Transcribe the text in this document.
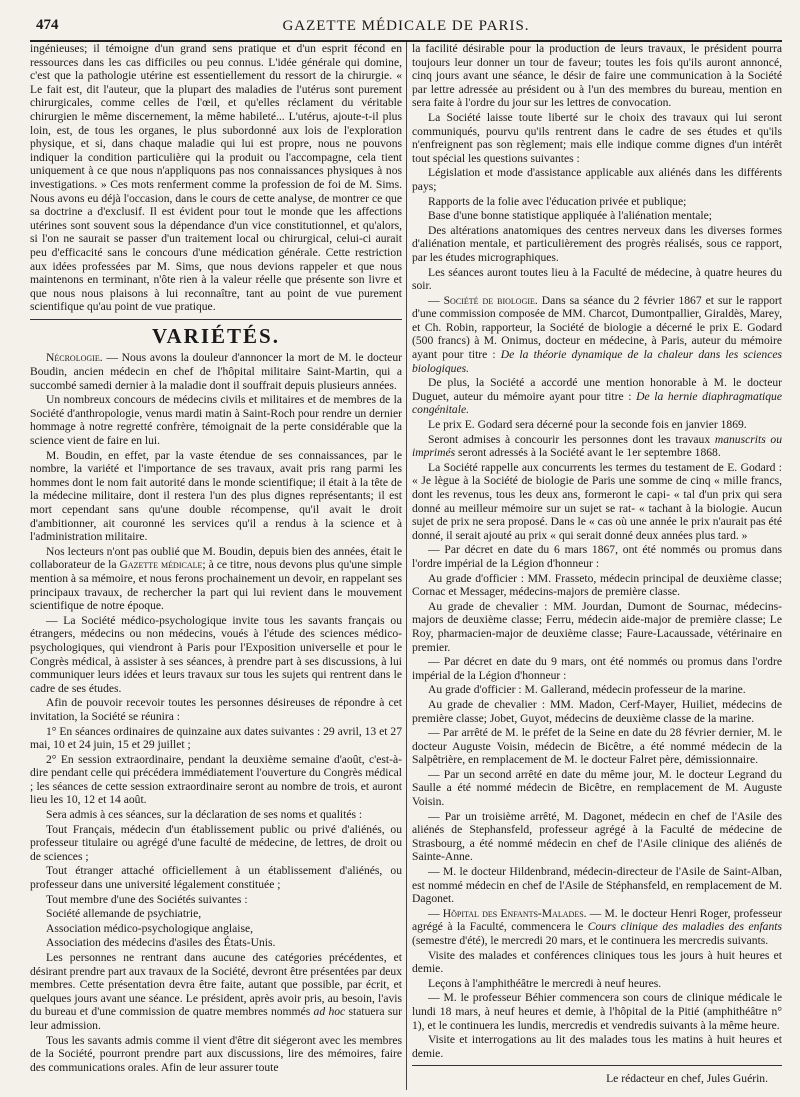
474	GAZETTE MÉDICALE DE PARIS.

ingénieuses; il témoigne d'un grand sens pratique et d'un esprit fécond en ressources dans les cas difficiles ou peu connus. L'idée générale qui domine, c'est que la pathologie utérine est essentiellement du ressort de la chirurgie. « Le fait est, dit l'auteur, que la plupart des maladies de l'utérus sont purement chirurgicales, comme celles de l'œil, et qu'elles réclament du véritable chirurgien le même discernement, la même habileté... L'utérus, ajoute-t-il plus loin, est, de tous les organes, le plus subordonné aux lois de l'exploration physique, et si, dans chaque maladie qui lui est propre, nous ne pouvons indiquer la condition particulière qui la produit ou l'accompagne, cela tient uniquement à ce que nous n'appliquons pas nos connaissances physiques à nos investigations. » Ces mots renferment comme la profession de foi de M. Sims. Nous avons eu déjà l'occasion, dans le cours de cette analyse, de montrer ce que sa doctrine a d'exclusif. Il est évident pour tout le monde que les affections utérines sont souvent sous la dépendance d'un vice constitutionnel, et qu'alors, si l'on ne saurait se passer d'un traitement local ou chirurgical, celui-ci aurait peu d'efficacité sans le concours d'une médication générale. Cette restriction aux idées professées par M. Sims, que nous devions rappeler et que nous maintenons en terminant, n'ôte rien à la valeur réelle que présente son livre et que nous nous plaisons à lui reconnaître, tant au point de vue purement scientifique qu'au point de vue pratique.

VARIÉTÉS.

Nécrologie. — Nous avons la douleur d'annoncer la mort de M. le docteur Boudin, ancien médecin en chef de l'hôpital militaire Saint-Martin, qui a succombé samedi dernier à la maladie dont il souffrait depuis plusieurs années.

Un nombreux concours de médecins civils et militaires et de membres de la Société d'anthropologie, venus mardi matin à Saint-Roch pour rendre un dernier hommage à notre regretté confrère, témoignait de la perte considérable que la science vient de faire en lui.

M. Boudin, en effet, par la vaste étendue de ses connaissances, par le nombre, la variété et l'importance de ses travaux, avait pris rang parmi les hommes dont le nom fait autorité dans le monde scientifique; il était à la tête de la médecine militaire, dont il restera l'un des plus dignes représentants; il est mort cependant sans qu'une double récompense, qu'il avait le droit d'ambitionner, ait couronné les services qu'il a rendus à la science et à l'administration militaire.

Nos lecteurs n'ont pas oublié que M. Boudin, depuis bien des années, était le collaborateur de la Gazette médicale; à ce titre, nous devons plus qu'une simple mention à sa mémoire, et nous ferons prochainement un devoir, en rappelant ses principaux travaux, de rechercher la part qui lui revient dans le mouvement scientifique de notre époque.

— La Société médico-psychologique invite tous les savants français ou étrangers, médecins ou non médecins, voués à l'étude des sciences médico-psychologiques, qui viendront à Paris pour l'Exposition universelle et pour le Congrès médical, à assister à ses séances, à prendre part à ses discussions, à lui communiquer leurs idées et leurs travaux sur tous les sujets qui rentrent dans le cadre de ses études.

Afin de pouvoir recevoir toutes les personnes désireuses de répondre à cet invitation, la Société se réunira :

1° En séances ordinaires de quinzaine aux dates suivantes : 29 avril, 13 et 27 mai, 10 et 24 juin, 15 et 29 juillet ;

2° En session extraordinaire, pendant la deuxième semaine d'août, c'est-à-dire pendant celle qui précédera immédiatement l'ouverture du Congrès médical ; les séances de cette session extraordinaire seront au nombre de trois, et auront lieu les 10, 12 et 14 août.

Sera admis à ces séances, sur la déclaration de ses noms et qualités :

Tout Français, médecin d'un établissement public ou privé d'aliénés, ou professeur titulaire ou agrégé d'une faculté de médecine, de lettres, de droit ou de sciences ;

Tout étranger attaché officiellement à un établissement d'aliénés, ou professeur dans une université légalement constituée ;

Tout membre d'une des Sociétés suivantes :

Société allemande de psychiatrie,

Association médico-psychologique anglaise,

Association des médecins d'asiles des États-Unis.

Les personnes ne rentrant dans aucune des catégories précédentes, et désirant prendre part aux travaux de la Société, devront être présentées par deux membres. Cette présentation devra être faite, autant que possible, par écrit, et quelques jours avant une séance. Le président, après avoir pris, au besoin, l'avis du bureau et d'une commission de quatre membres nommés ad hoc statuera sur leur admission.

Tous les savants admis comme il vient d'être dit siégeront avec les membres de la Société, pourront prendre part aux discussions, lire des mémoires, faire des communications orales. Afin de leur assurer toute

la facilité désirable pour la production de leurs travaux, le président pourra toujours leur donner un tour de faveur; toutes les fois qu'ils auront annoncé, cinq jours avant une séance, le désir de faire une communication à la Société par lettre adressée au président ou à l'un des membres du bureau, mention en sera faite à l'ordre du jour sur les lettres de convocation.

La Société laisse toute liberté sur le choix des travaux qui lui seront communiqués, pourvu qu'ils rentrent dans le cadre de ses études et qu'ils n'enfreignent pas son règlement; mais elle indique comme dignes d'un intérêt tout spécial les questions suivantes :

Législation et mode d'assistance applicable aux aliénés dans les différents pays;

Rapports de la folie avec l'éducation privée et publique;

Base d'une bonne statistique appliquée à l'aliénation mentale;

Des altérations anatomiques des centres nerveux dans les diverses formes d'aliénation mentale, et particulièrement des progrès réalisés, sous ce rapport, par les études micrographiques.

Les séances auront toutes lieu à la Faculté de médecine, à quatre heures du soir.

— Société de biologie. Dans sa séance du 2 février 1867 et sur le rapport d'une commission composée de MM. Charcot, Dumontpallier, Giraldès, Marey, et Ch. Robin, rapporteur, la Société de biologie a décerné le prix E. Godard (500 francs) à M. Onimus, docteur en médecine, à Paris, auteur du mémoire ayant pour titre : De la théorie dynamique de la chaleur dans les sciences biologiques.

De plus, la Société a accordé une mention honorable à M. le docteur Duguet, auteur du mémoire ayant pour titre : De la hernie diaphragmatique congénitale.

Le prix E. Godard sera décerné pour la seconde fois en janvier 1869.

Seront admises à concourir les personnes dont les travaux manuscrits ou imprimés seront adressés à la Société avant le 1er septembre 1868.

La Société rappelle aux concurrents les termes du testament de E. Godard : « Je lègue à la Société de biologie de Paris une somme de cinq « mille francs, dont les revenus, tous les deux ans, formeront le capi- « tal d'un prix qui sera donné au meilleur mémoire sur un sujet se rat- « tachant à la biologie. Aucun sujet de prix ne sera proposé. Dans le « cas où une année le prix n'aurait pas été donné, il serait ajouté au prix « qui serait donné deux années plus tard. »

— Par décret en date du 6 mars 1867, ont été nommés ou promus dans l'ordre impérial de la Légion d'honneur :

Au grade d'officier : MM. Frasseto, médecin principal de deuxième classe; Cornac et Messager, médecins-majors de première classe.

Au grade de chevalier : MM. Jourdan, Dumont de Sournac, médecins-majors de deuxième classe; Ferru, médecin aide-major de première classe; Le Roy, pharmacien-major de deuxième classe; Faure-Lacaussade, vétérinaire en premier.

— Par décret en date du 9 mars, ont été nommés ou promus dans l'ordre impérial de la Légion d'honneur :

Au grade d'officier : M. Gallerand, médecin professeur de la marine.

Au grade de chevalier : MM. Madon, Cerf-Mayer, Huiliet, médecins de première classe; Jobet, Guyot, médecins de deuxième classe de la marine.

— Par arrêté de M. le préfet de la Seine en date du 28 février dernier, M. le docteur Auguste Voisin, médecin de Bicêtre, a été nommé médecin de la Salpêtrière, en remplacement de M. le docteur Falret père, démissionnaire.

— Par un second arrêté en date du même jour, M. le docteur Legrand du Saulle a été nommé médecin de Bicêtre, en remplacement de M. Auguste Voisin.

— Par un troisième arrêté, M. Dagonet, médecin en chef de l'Asile des aliénés de Stephansfeld, professeur agrégé à la Faculté de médecine de Strasbourg, a été nommé médecin en chef de l'Asile clinique des aliénés de Sainte-Anne.

— M. le docteur Hildenbrand, médecin-directeur de l'Asile de Saint-Alban, est nommé médecin en chef de l'Asile de Stéphansfeld, en remplacement de M. Dagonet.

— Hôpital des Enfants-Malades. — M. le docteur Henri Roger, professeur agrégé à la Faculté, commencera le Cours clinique des maladies des enfants (semestre d'été), le mercredi 20 mars, et le continuera les mercredis suivants.

Visite des malades et conférences cliniques tous les jours à huit heures et demie.

Leçons à l'amphithéâtre le mercredi à neuf heures.

— M. le professeur Béhier commencera son cours de clinique médicale le lundi 18 mars, à neuf heures et demie, à l'hôpital de la Pitié (amphithéâtre n° 1), et le continuera les lundis, mercredis et vendredis suivants à la même heure.

Visite et interrogations au lit des malades tous les matins à huit heures et demie.

Le rédacteur en chef, Jules Guérin.
